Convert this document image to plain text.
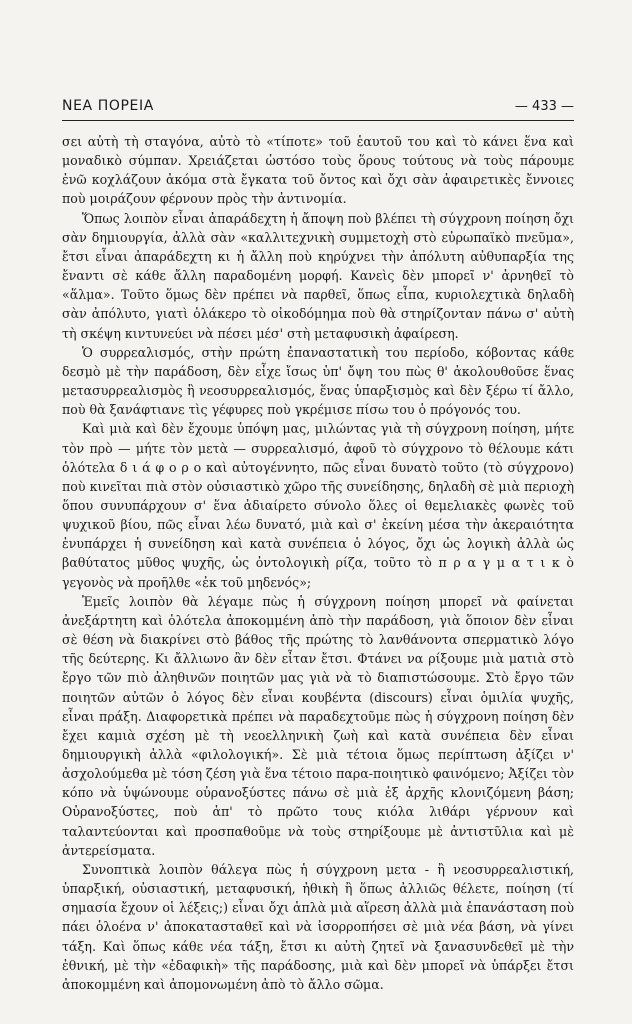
ΝΕΑ ΠΟΡΕΙΑ	— 433 —

σει αὐτὴ τὴ σταγόνα, αὐτὸ τὸ «τίποτε» τοῦ ἑαυτοῦ του καὶ τὸ κάνει ἕνα καὶ μοναδικὸ σύμπαν. Χρειάζεται ὡστόσο τοὺς ὅρους τούτους νὰ τοὺς πάρουμε ἐνῶ κοχλάζουν ἀκόμα στὰ ἔγκατα τοῦ ὄντος καὶ ὄχι σὰν ἀφαιρετικὲς ἔννοιες ποὺ μοιράζουν φέρνουν πρὸς τὴν ἀντινομία.

Ὅπως λοιπὸν εἶναι ἀπαράδεχτη ἡ ἄποψη ποὺ βλέπει τὴ σύγχρονη ποίηση ὄχι σὰν δημιουργία, ἀλλὰ σὰν «καλλιτεχνικὴ συμμετοχὴ στὸ εὐρωπαϊκὸ πνεῦμα», ἔτσι εἶναι ἀπαράδεχτη κι ἡ ἄλλη ποὺ κηρύχνει τὴν ἀπόλυτη αὐθυπαρξία της ἔναντι σὲ κάθε ἄλλη παραδομένη μορφή. Κανεὶς δὲν μπορεῖ ν' ἀρνηθεῖ τὸ «ἅλμα». Τοῦτο ὅμως δὲν πρέπει νὰ παρθεῖ, ὅπως εἶπα, κυριολεχτικὰ δηλαδὴ σὰν ἀπόλυτο, γιατὶ ὁλάκερο τὸ οἰκοδόμημα ποὺ θὰ στηρίζονταν πάνω σ' αὐτὴ τὴ σκέψη κιντυνεύει νὰ πέσει μέσ' στὴ μεταφυσικὴ ἀφαίρεση.

Ὁ συρρεαλισμός, στὴν πρώτη ἐπαναστατικὴ του περίοδο, κόβοντας κάθε δεσμὸ μὲ τὴν παράδοση, δὲν εἶχε ἴσως ὑπ' ὄψη του πὼς θ' ἀκολουθοῦσε ἕνας μετασυρρεαλισμὸς ἢ νεοσυρρεαλισμός, ἕνας ὑπαρξισμὸς καὶ δὲν ξέρω τί ἄλλο, ποὺ θὰ ξανάφτιανε τὶς γέφυρες ποὺ γκρέμισε πίσω του ὁ πρόγονός του.

Καὶ μιὰ καὶ δὲν ἔχουμε ὑπόψη μας, μιλώντας γιὰ τὴ σύγχρονη ποίηση, μήτε τὸν πρὸ — μήτε τὸν μετὰ — συρρεαλισμό, ἀφοῦ τὸ σύγχρονο τὸ θέλουμε κάτι ὁλότελα δ ι ά φ ο ρ ο καὶ αὐτογέννητο, πῶς εἶναι δυνατὸ τοῦτο (τὸ σύγχρονο) ποὺ κινεῖται πιὰ στὸν οὐσιαστικὸ χῶρο τῆς συνείδησης, δηλαδὴ σὲ μιὰ περιοχὴ ὅπου συνυπάρχουν σ' ἕνα ἀδιαίρετο σύνολο ὅλες οἱ θεμελιακὲς φωνὲς τοῦ ψυχικοῦ βίου, πῶς εἶναι λέω δυνατό, μιὰ καὶ σ' ἐκείνη μέσα τὴν ἀκεραιότητα ἐνυπάρχει ἡ συνείδηση καὶ κατὰ συνέπεια ὁ λόγος, ὄχι ὡς λογικὴ ἀλλὰ ὡς βαθύτατος μῦθος ψυχῆς, ὡς ὀντολογικὴ ρίζα, τοῦτο τὸ π ρ α γ μ α τ ι κ ὸ γεγονὸς νὰ προῆλθε «ἐκ τοῦ μηδενός»;

Ἐμεῖς λοιπὸν θὰ λέγαμε πὼς ἡ σύγχρονη ποίηση μπορεῖ νὰ φαίνεται ἀνεξάρτητη καὶ ὁλότελα ἀποκομμένη ἀπὸ τὴν παράδοση, γιὰ ὅποιον δὲν εἶναι σὲ θέση νὰ διακρίνει στὸ βάθος τῆς πρώτης τὸ λανθάνοντα σπερματικὸ λόγο τῆς δεύτερης. Κι ἄλλιωνο ἂν δὲν εἶταν ἔτσι. Φτάνει να ρίξουμε μιὰ ματιὰ στὸ ἔργο τῶν πιὸ ἀληθινῶν ποιητῶν μας γιὰ νὰ τὸ διαπιστώσουμε. Στὸ ἔργο τῶν ποιητῶν αὐτῶν ὁ λόγος δὲν εἶναι κουβέντα (discours) εἶναι ὁμιλία ψυχῆς, εἶναι πράξη. Διαφορετικὰ πρέπει νὰ παραδεχτοῦμε πὼς ἡ σύγχρονη ποίηση δὲν ἔχει καμιὰ σχέση μὲ τὴ νεοελληνικὴ ζωὴ καὶ κατὰ συνέπεια δὲν εἶναι δημιουργικὴ ἀλλὰ «φιλολογική». Σὲ μιὰ τέτοια ὅμως περίπτωση ἀξίζει ν' ἀσχολούμεθα μὲ τόση ζέση γιὰ ἕνα τέτοιο παρα-ποιητικὸ φαινόμενο; Ἀξίζει τὸν κόπο νὰ ὑψώνουμε οὐρανοξύστες πάνω σὲ μιὰ ἐξ ἀρχῆς κλονιζόμενη βάση; Οὐρανοξύστες, ποὺ ἀπ' τὸ πρῶτο τους κιόλα λιθάρι γέρνουν καὶ ταλαντεύονται καὶ προσπαθοῦμε νὰ τοὺς στηρίξουμε μὲ ἀντιστῦλια καὶ μὲ ἀντερείσματα.

Συνοπτικὰ λοιπὸν θάλεγα πὼς ἡ σύγχρονη μετα - ἢ νεοσυρρεαλιστική, ὑπαρξική, οὐσιαστική, μεταφυσική, ἠθικὴ ἢ ὅπως ἀλλιῶς θέλετε, ποίηση (τί σημασία ἔχουν οἱ λέξεις;) εἶναι ὄχι ἁπλὰ μιὰ αἵρεση ἀλλὰ μιὰ ἐπανάσταση ποὺ πάει ὁλοένα ν' ἀποκατασταθεῖ καὶ νὰ ἰσορροπήσει σὲ μιὰ νέα βάση, νὰ γίνει τάξη. Καὶ ὅπως κάθε νέα τάξη, ἔτσι κι αὐτὴ ζητεῖ νὰ ξανασυνδεθεῖ μὲ τὴν ἐθνική, μὲ τὴν «ἐδαφικὴ» τῆς παράδοσης, μιὰ καὶ δὲν μπορεῖ νὰ ὑπάρξει ἔτσι ἀποκομμένη καὶ ἀπομονωμένη ἀπὸ τὸ ἄλλο σῶμα.
